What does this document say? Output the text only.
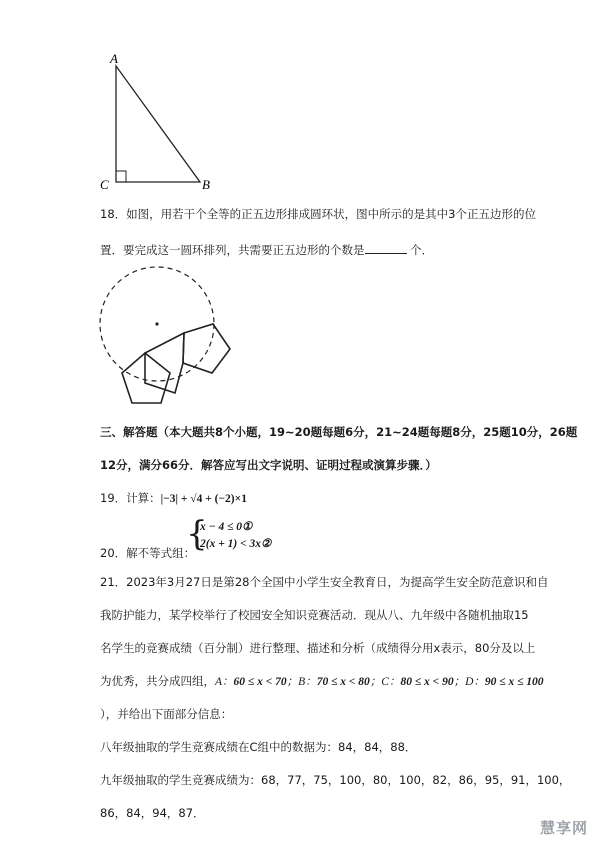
A
C	B
18．如图，用若干个全等的正五边形排成圆环状，图中所示的是其中3个正五边形的位
置．要完成这一圆环排列，共需要正五边形的个数是	个．
三、解答题（本大题共8个小题，19~20题每题6分，21~24题每题8分，25题10分，26题
12分，满分66分．解答应写出文字说明、证明过程或演算步骤．）
19．计算：|−3| + √4 + (−2)×1
20．解不等式组：
{
x − 4 ≤ 0①
2(x + 1) < 3x②
21．2023年3月27日是第28个全国中小学生安全教育日，为提高学生安全防范意识和自
我防护能力，某学校举行了校园安全知识竞赛活动．现从八、九年级中各随机抽取15
名学生的竞赛成绩（百分制）进行整理、描述和分析（成绩得分用x表示，80分及以上
为优秀，共分成四组，A：60 ≤ x < 70；B：70 ≤ x < 80；C：80 ≤ x < 90；D：90 ≤ x ≤ 100
），并给出下面部分信息：
八年级抽取的学生竞赛成绩在C组中的数据为：84，84，88．
九年级抽取的学生竞赛成绩为：68，77，75，100，80，100，82，86，95，91，100，
86，84，94，87．
慧享网
